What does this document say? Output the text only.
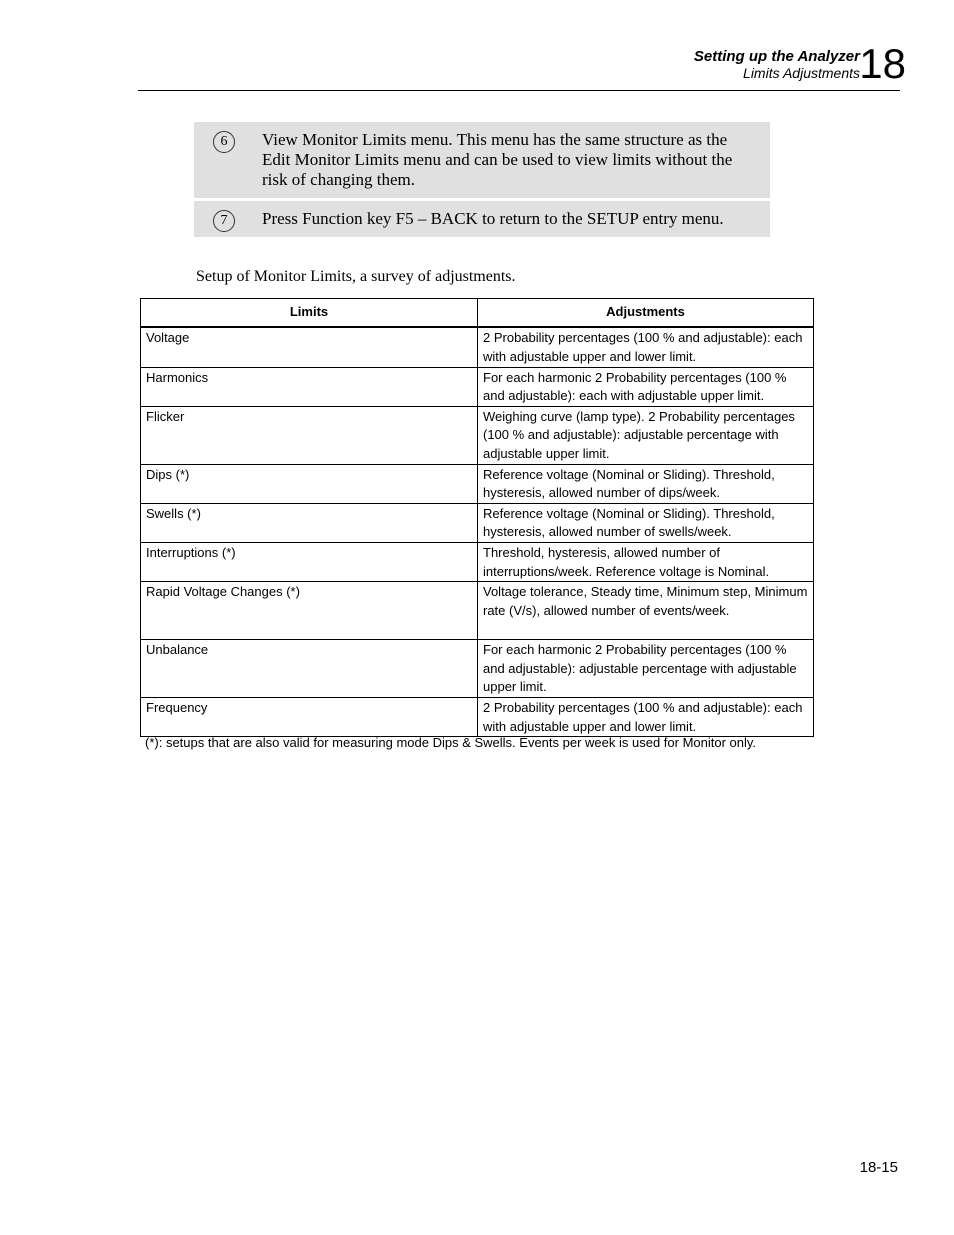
Setting up the Analyzer
Limits Adjustments 18
6	View Monitor Limits menu. This menu has the same structure as the Edit Monitor Limits menu and can be used to view limits without the risk of changing them.
7	Press Function key F5 – BACK to return to the SETUP entry menu.
Setup of Monitor Limits, a survey of adjustments.
Limits	Adjustments
Voltage	2 Probability percentages (100 % and adjustable): each with adjustable upper and lower limit.
Harmonics	For each harmonic 2 Probability percentages (100 % and adjustable): each with adjustable upper limit.
Flicker	Weighing curve (lamp type). 2 Probability percentages (100 % and adjustable): adjustable percentage with adjustable upper limit.
Dips (*)	Reference voltage (Nominal or Sliding). Threshold, hysteresis, allowed number of dips/week.
Swells (*)	Reference voltage (Nominal or Sliding). Threshold, hysteresis, allowed number of swells/week.
Interruptions (*)	Threshold, hysteresis, allowed number of interruptions/week. Reference voltage is Nominal.
Rapid Voltage Changes (*)	Voltage tolerance, Steady time, Minimum step, Minimum rate (V/s), allowed number of events/week.
Unbalance	For each harmonic 2 Probability percentages (100 % and adjustable): adjustable percentage with adjustable upper limit.
Frequency	2 Probability percentages (100 % and adjustable): each with adjustable upper and lower limit.
(*): setups that are also valid for measuring mode Dips & Swells. Events per week is used for Monitor only.
18-15
